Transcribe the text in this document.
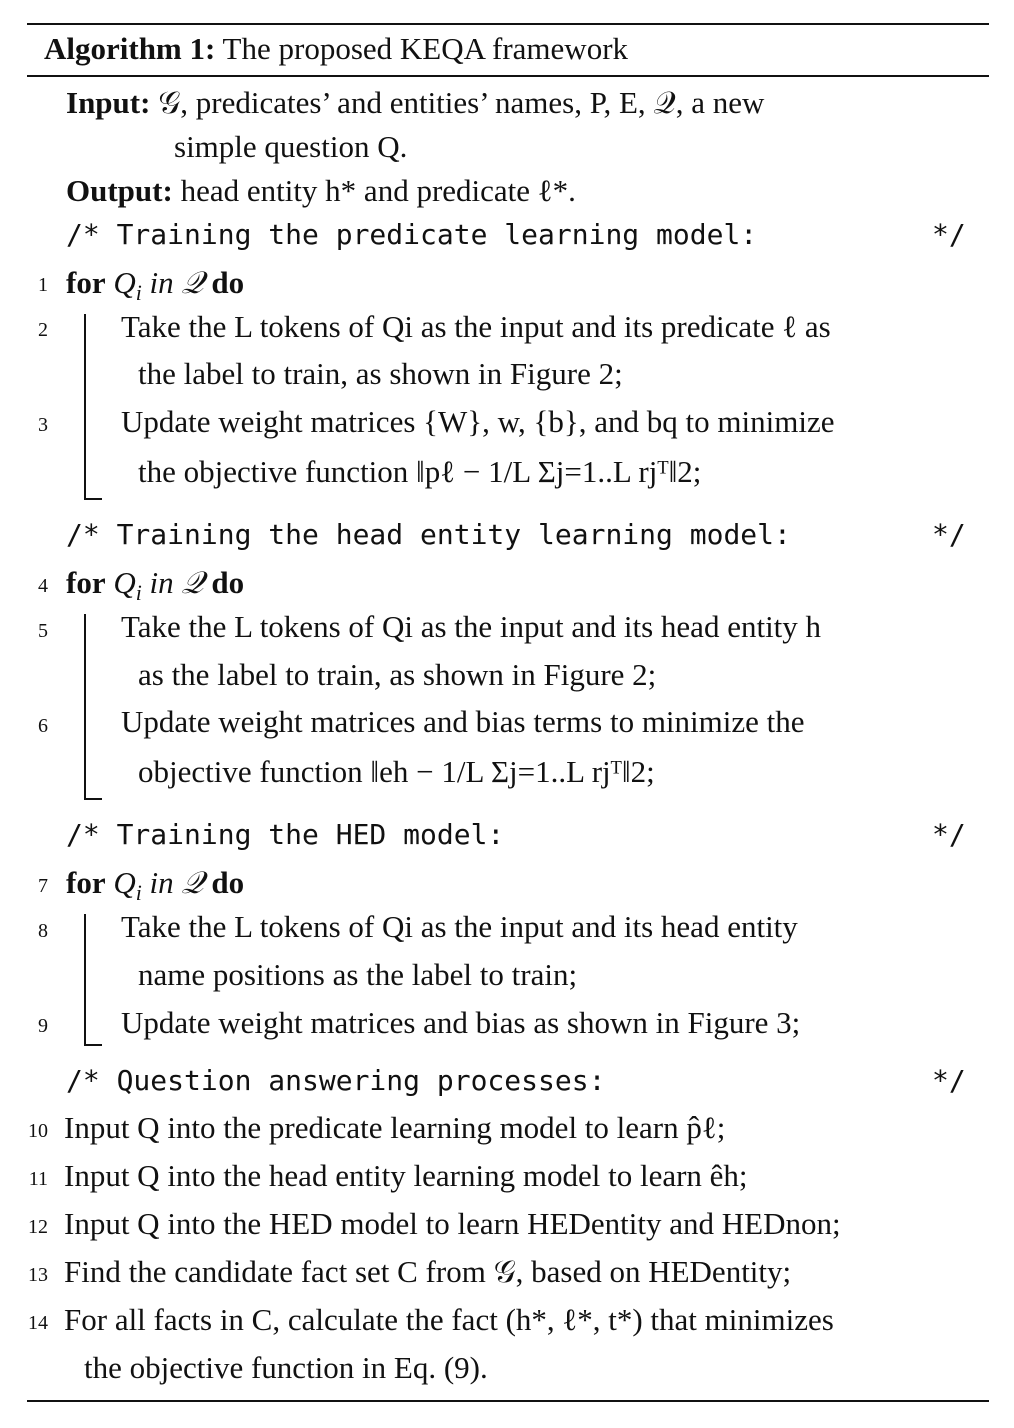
Algorithm 1: The proposed KEQA framework
Input: 𝒢, predicates’ and entities’ names, P, E, 𝒬, a new
simple question Q.
Output: head entity h* and predicate ℓ*.
/* Training the predicate learning model:	*/
1 for $Q_i$ in 𝒬 do
2 Take the L tokens of Qi as the input and its predicate ℓ as
the label to train, as shown in Figure 2;
3 Update weight matrices {W}, w, {b}, and bq to minimize
the objective function ‖pℓ − 1/L Σj=1..L rjᵀ‖2;
/* Training the head entity learning model:	*/
4 for $Q_i$ in 𝒬 do
5 Take the L tokens of Qi as the input and its head entity h
as the label to train, as shown in Figure 2;
6 Update weight matrices and bias terms to minimize the
objective function ‖eh − 1/L Σj=1..L rjᵀ‖2;
/* Training the HED model:	*/
7 for $Q_i$ in 𝒬 do
8 Take the L tokens of Qi as the input and its head entity
name positions as the label to train;
9 Update weight matrices and bias as shown in Figure 3;
/* Question answering processes:	*/
10 Input Q into the predicate learning model to learn p̂ℓ;
11 Input Q into the head entity learning model to learn êh;
12 Input Q into the HED model to learn HEDentity and HEDnon;
13 Find the candidate fact set C from 𝒢, based on HEDentity;
14 For all facts in C, calculate the fact (h*, ℓ*, t*) that minimizes
the objective function in Eq. (9).
